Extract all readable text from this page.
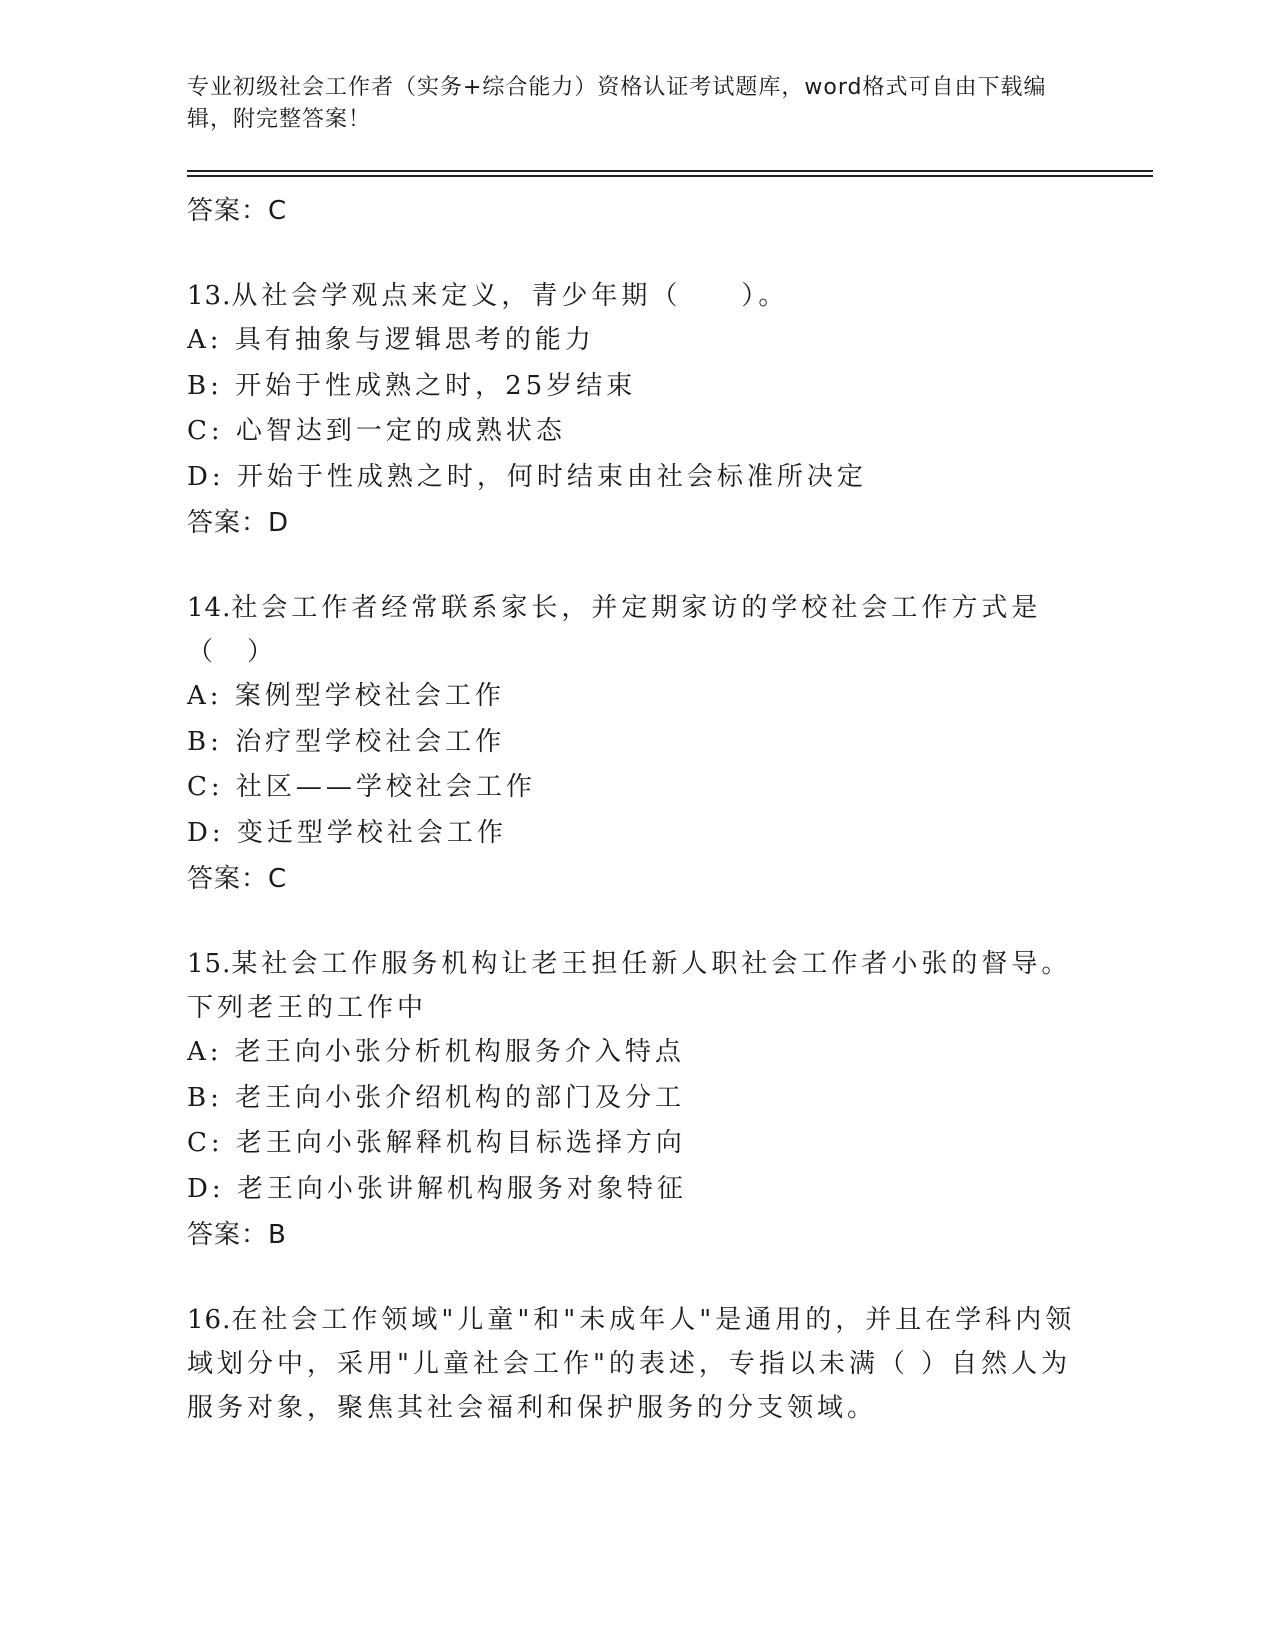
专业初级社会工作者（实务+综合能力）资格认证考试题库，word格式可自由下载编辑，附完整答案！
答案：C
13.从社会学观点来定义，青少年期（　　）。
A: 具有抽象与逻辑思考的能力
B: 开始于性成熟之时，25岁结束
C: 心智达到一定的成熟状态
D: 开始于性成熟之时，何时结束由社会标准所决定
答案：D
14.社会工作者经常联系家长，并定期家访的学校社会工作方式是（　）
A: 案例型学校社会工作
B: 治疗型学校社会工作
C: 社区——学校社会工作
D: 变迁型学校社会工作
答案：C
15.某社会工作服务机构让老王担任新人职社会工作者小张的督导。下列老王的工作中
A: 老王向小张分析机构服务介入特点
B: 老王向小张介绍机构的部门及分工
C: 老王向小张解释机构目标选择方向
D: 老王向小张讲解机构服务对象特征
答案：B
16.在社会工作领域"儿童"和"未成年人"是通用的，并且在学科内领域划分中，采用"儿童社会工作"的表述，专指以未满（ ）自然人为服务对象，聚焦其社会福利和保护服务的分支领域。
